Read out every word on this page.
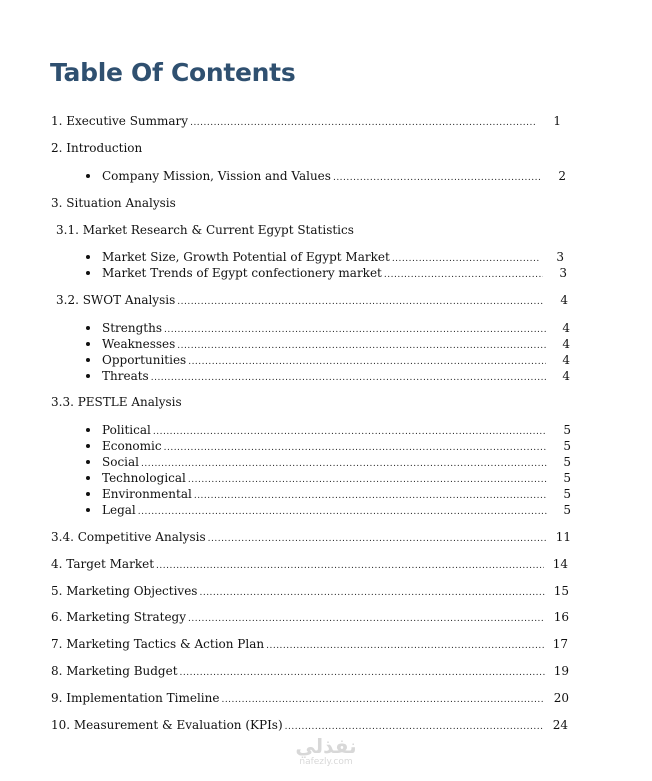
Table Of Contents
1. Executive Summary .....	1
2. Introduction
Company Mission, Vission and Values .....	2
3. Situation Analysis
3.1. Market Research & Current Egypt Statistics
Market Size, Growth Potential of Egypt Market .....	3
Market Trends of Egypt confectionery market .....	3
3.2. SWOT Analysis .....	4
Strengths .....	4
Weaknesses .....	4
Opportunities .....	4
Threats .....	4
3.3. PESTLE Analysis
Political .....	5
Economic .....	5
Social .....	5
Technological .....	5
Environmental .....	5
Legal .....	5
3.4. Competitive Analysis .....	11
4. Target Market .....	14
5. Marketing Objectives .....	15
6. Marketing Strategy .....	16
7. Marketing Tactics & Action Plan .....	17
8. Marketing Budget .....	19
9. Implementation Timeline .....	20
10. Measurement & Evaluation (KPIs) .....	24
نفذلي
nafezly.com
